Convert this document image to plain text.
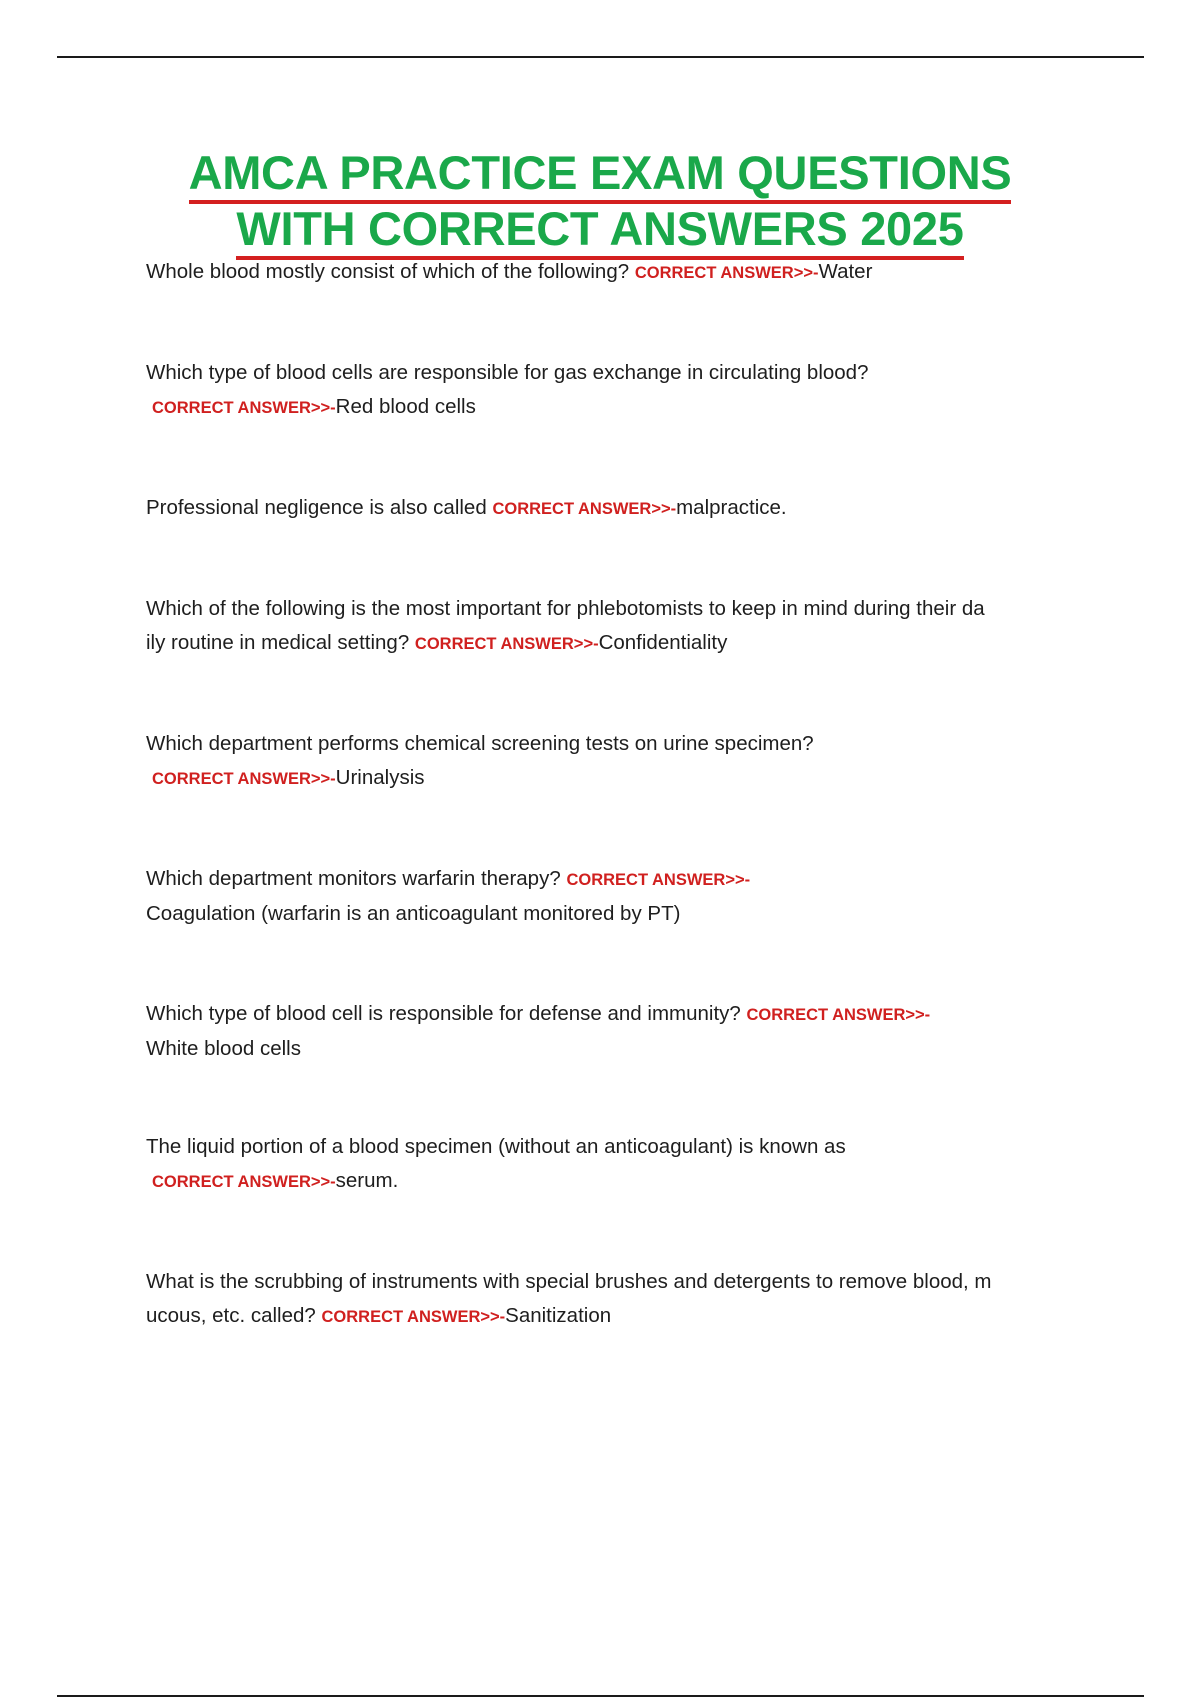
AMCA PRACTICE EXAM QUESTIONS
WITH CORRECT ANSWERS 2025
Whole blood mostly consist of which of the following? CORRECT ANSWER>>-Water
Which type of blood cells are responsible for gas exchange in circulating blood?
CORRECT ANSWER>>-Red blood cells
Professional negligence is also called CORRECT ANSWER>>-malpractice.
Which of the following is the most important for phlebotomists to keep in mind during their da
ily routine in medical setting? CORRECT ANSWER>>-Confidentiality
Which department performs chemical screening tests on urine specimen?
CORRECT ANSWER>>-Urinalysis
Which department monitors warfarin therapy? CORRECT ANSWER>>-
Coagulation (warfarin is an anticoagulant monitored by PT)
Which type of blood cell is responsible for defense and immunity? CORRECT ANSWER>>-
White blood cells
The liquid portion of a blood specimen (without an anticoagulant) is known as
CORRECT ANSWER>>-serum.
What is the scrubbing of instruments with special brushes and detergents to remove blood, m
ucous, etc. called? CORRECT ANSWER>>-Sanitization
